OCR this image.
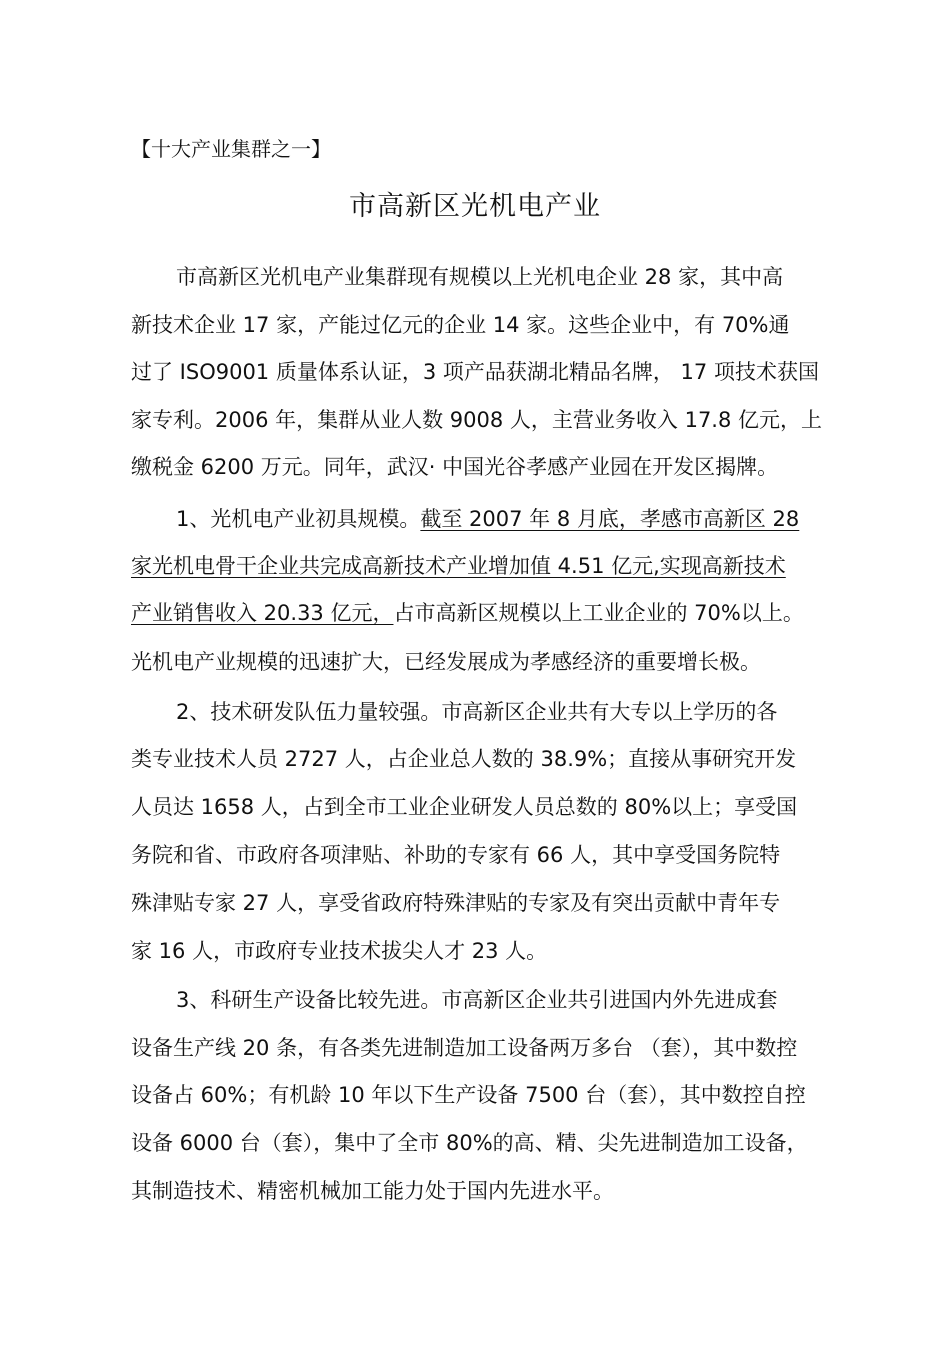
【十大产业集群之一】
市高新区光机电产业
市高新区光机电产业集群现有规模以上光机电企业 28 家，其中高
新技术企业 17 家，产能过亿元的企业 14 家。这些企业中，有 70%通
过了 ISO9001 质量体系认证，3 项产品获湖北精品名牌， 17 项技术获国
家专利。2006 年，集群从业人数 9008 人，主营业务收入 17.8 亿元，上
缴税金 6200 万元。同年，武汉· 中国光谷孝感产业园在开发区揭牌。
1、光机电产业初具规模。截至 2007 年 8 月底，孝感市高新区 28
家光机电骨干企业共完成高新技术产业增加值 4.51 亿元,实现高新技术
产业销售收入 20.33 亿元，占市高新区规模以上工业企业的 70%以上。
光机电产业规模的迅速扩大，已经发展成为孝感经济的重要增长极。
2、技术研发队伍力量较强。市高新区企业共有大专以上学历的各
类专业技术人员 2727 人，占企业总人数的 38.9%；直接从事研究开发
人员达 1658 人，占到全市工业企业研发人员总数的 80%以上；享受国
务院和省、市政府各项津贴、补助的专家有 66 人，其中享受国务院特
殊津贴专家 27 人，享受省政府特殊津贴的专家及有突出贡献中青年专
家 16 人，市政府专业技术拔尖人才 23 人。
3、科研生产设备比较先进。市高新区企业共引进国内外先进成套
设备生产线 20 条，有各类先进制造加工设备两万多台 （套），其中数控
设备占 60%；有机龄 10 年以下生产设备 7500 台（套），其中数控自控
设备 6000 台（套），集中了全市 80%的高、精、尖先进制造加工设备，
其制造技术、精密机械加工能力处于国内先进水平。
